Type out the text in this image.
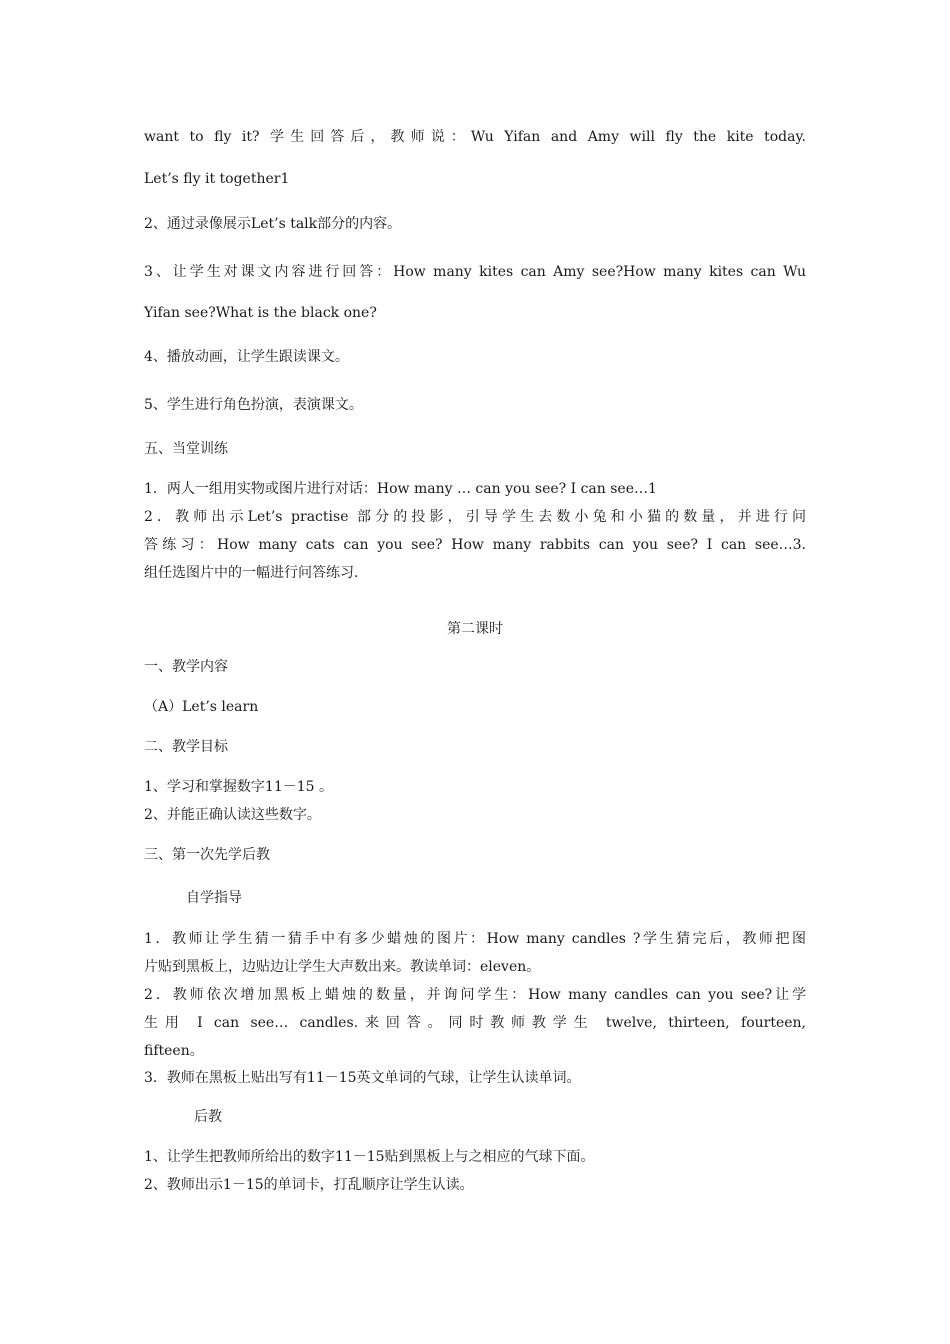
want to fly it? 学生回答后，教师说：Wu Yifan and Amy will fly the kite today.
Let’s fly it together1
2、通过录像展示Let’s talk部分的内容。
3、让学生对课文内容进行回答：How many kites can Amy see?How many kites can Wu
Yifan see?What is the black one?
4、播放动画，让学生跟读课文。
5、学生进行角色扮演，表演课文。
五、当堂训练
1．两人一组用实物或图片进行对话：How many … can you see? I can see…1
2．教师出示Let’s practise 部分的投影，引导学生去数小兔和小猫的数量，并进行问
答练习：How many cats can you see? How many rabbits can you see? I can see…3.
组任选图片中的一幅进行问答练习.
第二课时
一、教学内容
（A）Let’s learn
二、教学目标
1、学习和掌握数字11－15 。
2、并能正确认读这些数字。
三、第一次先学后教
自学指导
1．教师让学生猜一猜手中有多少蜡烛的图片：How many candles ?学生猜完后，教师把图
片贴到黑板上，边贴边让学生大声数出来。教读单词：eleven。
2．教师依次增加黑板上蜡烛的数量，并询问学生：How many candles can you see?让学
生用 I can see… candles.来回答。同时教师教学生 twelve, thirteen, fourteen,
fifteen。
3．教师在黑板上贴出写有11－15英文单词的气球，让学生认读单词。
后教
1、让学生把教师所给出的数字11－15贴到黑板上与之相应的气球下面。
2、教师出示1－15的单词卡，打乱顺序让学生认读。
